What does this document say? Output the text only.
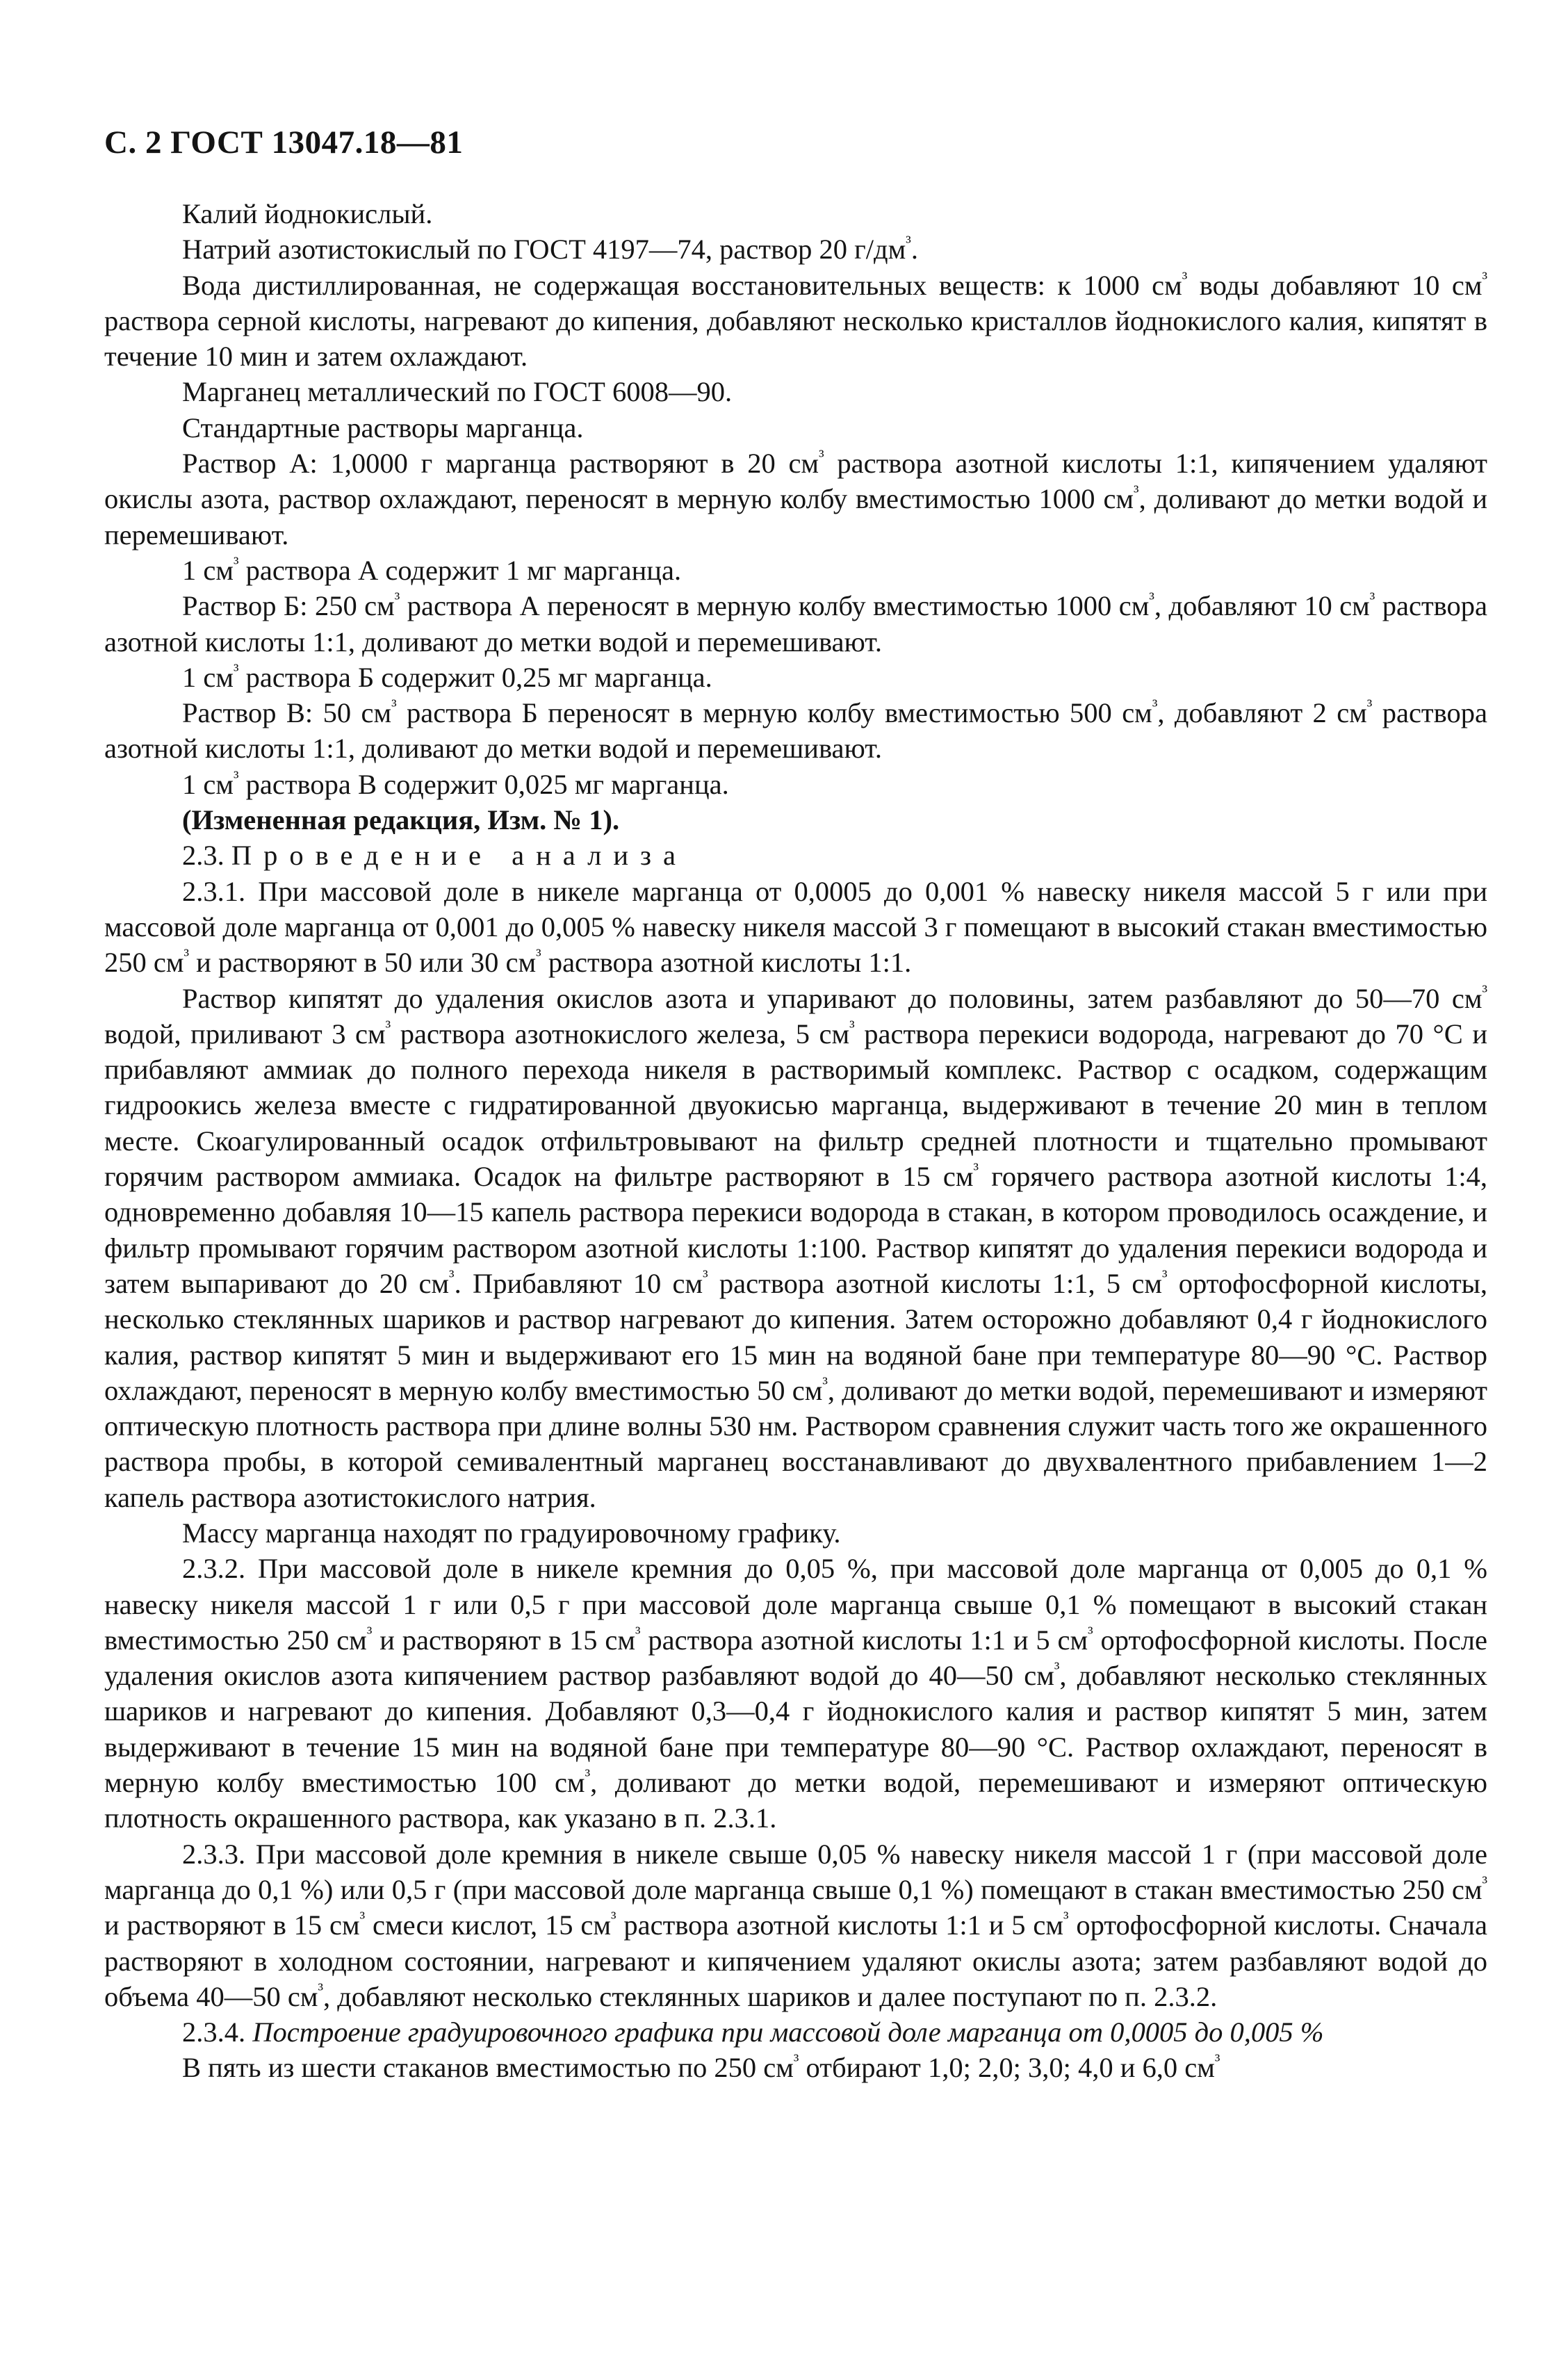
С. 2 ГОСТ 13047.18—81

Калий йоднокислый.

Натрий азотистокислый по ГОСТ 4197—74, раствор 20 $г/дм^{^3}$.

Вода дистиллированная, не содержащая восстановительных веществ: к 1000 $см^{^3}$ воды добавляют 10 $см^{^3}$ раствора серной кислоты, нагревают до кипения, добавляют несколько кристаллов йоднокислого калия, кипятят в течение 10 мин и затем охлаждают.

Марганец металлический по ГОСТ 6008—90.

Стандартные растворы марганца.

Раствор А: 1,0000 г марганца растворяют в 20 $см^{^3}$ раствора азотной кислоты 1:1, кипячением удаляют окислы азота, раствор охлаждают, переносят в мерную колбу вместимостью 1000 $см^{^3}$, доливают до метки водой и перемешивают.

1 $см^{^3}$ раствора А содержит 1 мг марганца.

Раствор Б: 250 $см^{^3}$ раствора А переносят в мерную колбу вместимостью 1000 $см^{^3}$, добавляют 10 $см^{^3}$ раствора азотной кислоты 1:1, доливают до метки водой и перемешивают.

1 $см^{^3}$ раствора Б содержит 0,25 мг марганца.

Раствор В: 50 $см^{^3}$ раствора Б переносят в мерную колбу вместимостью 500 $см^{^3}$, добавляют 2 $см^{^3}$ раствора азотной кислоты 1:1, доливают до метки водой и перемешивают.

1 $см^{^3}$ раствора В содержит 0,025 мг марганца.

(Измененная редакция, Изм. № 1).

2.3. Проведение анализа

2.3.1. При массовой доле в никеле марганца от 0,0005 до 0,001 % навеску никеля массой 5 г или при массовой доле марганца от 0,001 до 0,005 % навеску никеля массой 3 г помещают в высокий стакан вместимостью 250 $см^{^3}$ и растворяют в 50 или 30 $см^{^3}$ раствора азотной кислоты 1:1.

Раствор кипятят до удаления окислов азота и упаривают до половины, затем разбавляют до 50—70 $см^{^3}$ водой, приливают 3 $см^{^3}$ раствора азотнокислого железа, 5 $см^{^3}$ раствора перекиси водорода, нагревают до 70 °С и прибавляют аммиак до полного перехода никеля в растворимый комплекс. Раствор с осадком, содержащим гидроокись железа вместе с гидратированной двуокисью марганца, выдерживают в течение 20 мин в теплом месте. Скоагулированный осадок отфильтровывают на фильтр средней плотности и тщательно промывают горячим раствором аммиака. Осадок на фильтре растворяют в 15 $см^{^3}$ горячего раствора азотной кислоты 1:4, одновременно добавляя 10—15 капель раствора перекиси водорода в стакан, в котором проводилось осаждение, и фильтр промывают горячим раствором азотной кислоты 1:100. Раствор кипятят до удаления перекиси водорода и затем выпаривают до 20 $см^{^3}$. Прибавляют 10 $см^{^3}$ раствора азотной кислоты 1:1, 5 $см^{^3}$ ортофосфорной кислоты, несколько стеклянных шариков и раствор нагревают до кипения. Затем осторожно добавляют 0,4 г йоднокислого калия, раствор кипятят 5 мин и выдерживают его 15 мин на водяной бане при температуре 80—90 °С. Раствор охлаждают, переносят в мерную колбу вместимостью 50 $см^{^3}$, доливают до метки водой, перемешивают и измеряют оптическую плотность раствора при длине волны 530 нм. Раствором сравнения служит часть того же окрашенного раствора пробы, в которой семивалентный марганец восстанавливают до двухвалентного прибавлением 1—2 капель раствора азотистокислого натрия.

Массу марганца находят по градуировочному графику.

2.3.2. При массовой доле в никеле кремния до 0,05 %, при массовой доле марганца от 0,005 до 0,1 % навеску никеля массой 1 г или 0,5 г при массовой доле марганца свыше 0,1 % помещают в высокий стакан вместимостью 250 $см^{^3}$ и растворяют в 15 $см^{^3}$ раствора азотной кислоты 1:1 и 5 $см^{^3}$ ортофосфорной кислоты. После удаления окислов азота кипячением раствор разбавляют водой до 40—50 $см^{^3}$, добавляют несколько стеклянных шариков и нагревают до кипения. Добавляют 0,3—0,4 г йоднокислого калия и раствор кипятят 5 мин, затем выдерживают в течение 15 мин на водяной бане при температуре 80—90 °С. Раствор охлаждают, переносят в мерную колбу вместимостью 100 $см^{^3}$, доливают до метки водой, перемешивают и измеряют оптическую плотность окрашенного раствора, как указано в п. 2.3.1.

2.3.3. При массовой доле кремния в никеле свыше 0,05 % навеску никеля массой 1 г (при массовой доле марганца до 0,1 %) или 0,5 г (при массовой доле марганца свыше 0,1 %) помещают в стакан вместимостью 250 $см^{^3}$ и растворяют в 15 $см^{^3}$ смеси кислот, 15 $см^{^3}$ раствора азотной кислоты 1:1 и 5 $см^{^3}$ ортофосфорной кислоты. Сначала растворяют в холодном состоянии, нагревают и кипячением удаляют окислы азота; затем разбавляют водой до объема 40—50 $см^{^3}$, добавляют несколько стеклянных шариков и далее поступают по п. 2.3.2.

2.3.4. Построение градуировочного графика при массовой доле марганца от 0,0005 до 0,005 %

В пять из шести стаканов вместимостью по 250 $см^{^3}$ отбирают 1,0; 2,0; 3,0; 4,0 и 6,0 $см^{^3}$
